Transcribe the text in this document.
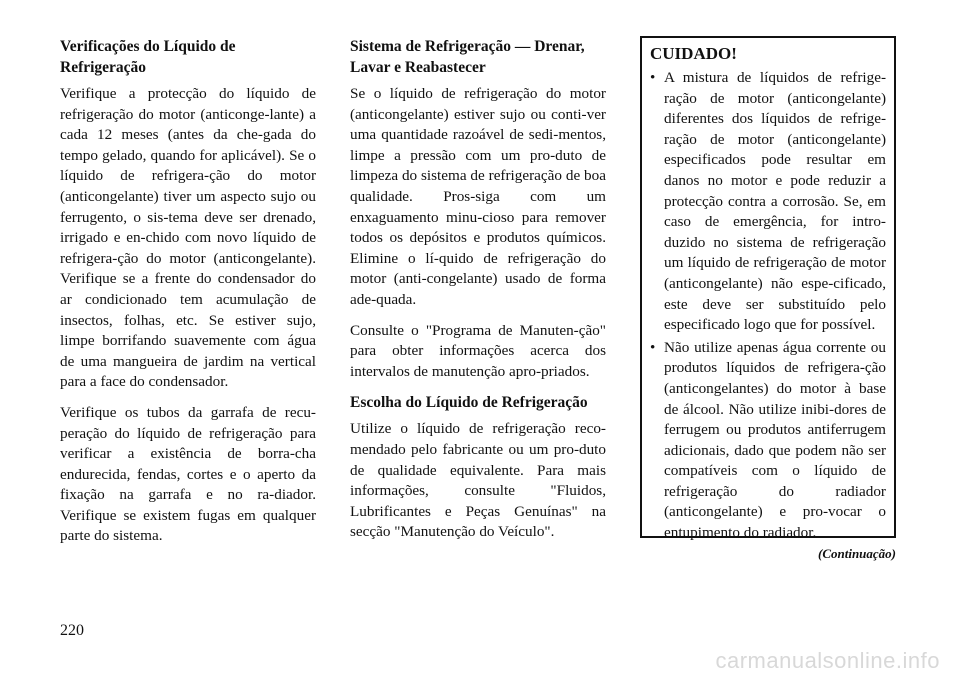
Verificações do Líquido de Refrigeração

Verifique a protecção do líquido de refrigeração do motor (anticonge-lante) a cada 12 meses (antes da che-gada do tempo gelado, quando for aplicável). Se o líquido de refrigera-ção do motor (anticongelante) tiver um aspecto sujo ou ferrugento, o sis-tema deve ser drenado, irrigado e en-chido com novo líquido de refrigera-ção do motor (anticongelante). Verifique se a frente do condensador do ar condicionado tem acumulação de insectos, folhas, etc. Se estiver sujo, limpe borrifando suavemente com água de uma mangueira de jardim na vertical para a face do condensador.

Verifique os tubos da garrafa de recu-peração do líquido de refrigeração para verificar a existência de borra-cha endurecida, fendas, cortes e o aperto da fixação na garrafa e no ra-diador. Verifique se existem fugas em qualquer parte do sistema.

Sistema de Refrigeração — Drenar, Lavar e Reabastecer

Se o líquido de refrigeração do motor (anticongelante) estiver sujo ou conti-ver uma quantidade razoável de sedi-mentos, limpe a pressão com um pro-duto de limpeza do sistema de refrigeração de boa qualidade. Pros-siga com um enxaguamento minu-cioso para remover todos os depósitos e produtos químicos. Elimine o lí-quido de refrigeração do motor (anti-congelante) usado de forma ade-quada.

Consulte o "Programa de Manuten-ção" para obter informações acerca dos intervalos de manutenção apro-priados.

Escolha do Líquido de Refrigeração

Utilize o líquido de refrigeração reco-mendado pelo fabricante ou um pro-duto de qualidade equivalente. Para mais informações, consulte "Fluidos, Lubrificantes e Peças Genuínas" na secção "Manutenção do Veículo".

CUIDADO!
• A mistura de líquidos de refrige-ração de motor (anticongelante) diferentes dos líquidos de refrige-ração de motor (anticongelante) especificados pode resultar em danos no motor e pode reduzir a protecção contra a corrosão. Se, em caso de emergência, for intro-duzido no sistema de refrigeração um líquido de refrigeração de motor (anticongelante) não espe-cificado, este deve ser substituído pelo especificado logo que for possível.
• Não utilize apenas água corrente ou produtos líquidos de refrigera-ção (anticongelantes) do motor à base de álcool. Não utilize inibi-dores de ferrugem ou produtos antiferrugem adicionais, dado que podem não ser compatíveis com o líquido de refrigeração do radiador (anticongelante) e pro-vocar o entupimento do radiador.
(Continuação)
220
carmanualsonline.info
